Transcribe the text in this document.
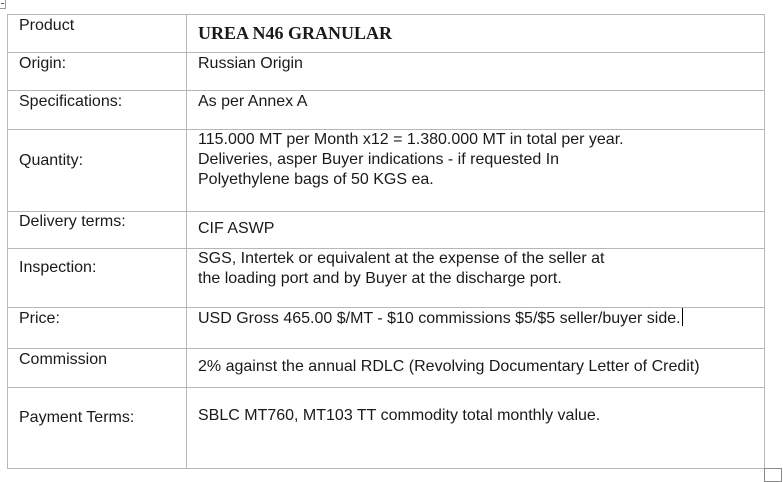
Product	UREA N46 GRANULAR
Origin:	Russian Origin
Specifications:	As per Annex A
Quantity:	115.000 MT per Month x12 = 1.380.000 MT in total per year.
Deliveries, asper Buyer indications - if requested In
Polyethylene bags of 50 KGS ea.

Delivery terms:	CIF ASWP
Inspection:	SGS, Intertek or equivalent at the expense of the seller at
the loading port and by Buyer at the discharge port.

Price:	USD Gross 465.00 $/MT - $10 commissions $5/$5 seller/buyer side.
Commission	2% against the annual RDLC (Revolving Documentary Letter of Credit)
Payment Terms:	SBLC MT760, MT103 TT commodity total monthly value.
